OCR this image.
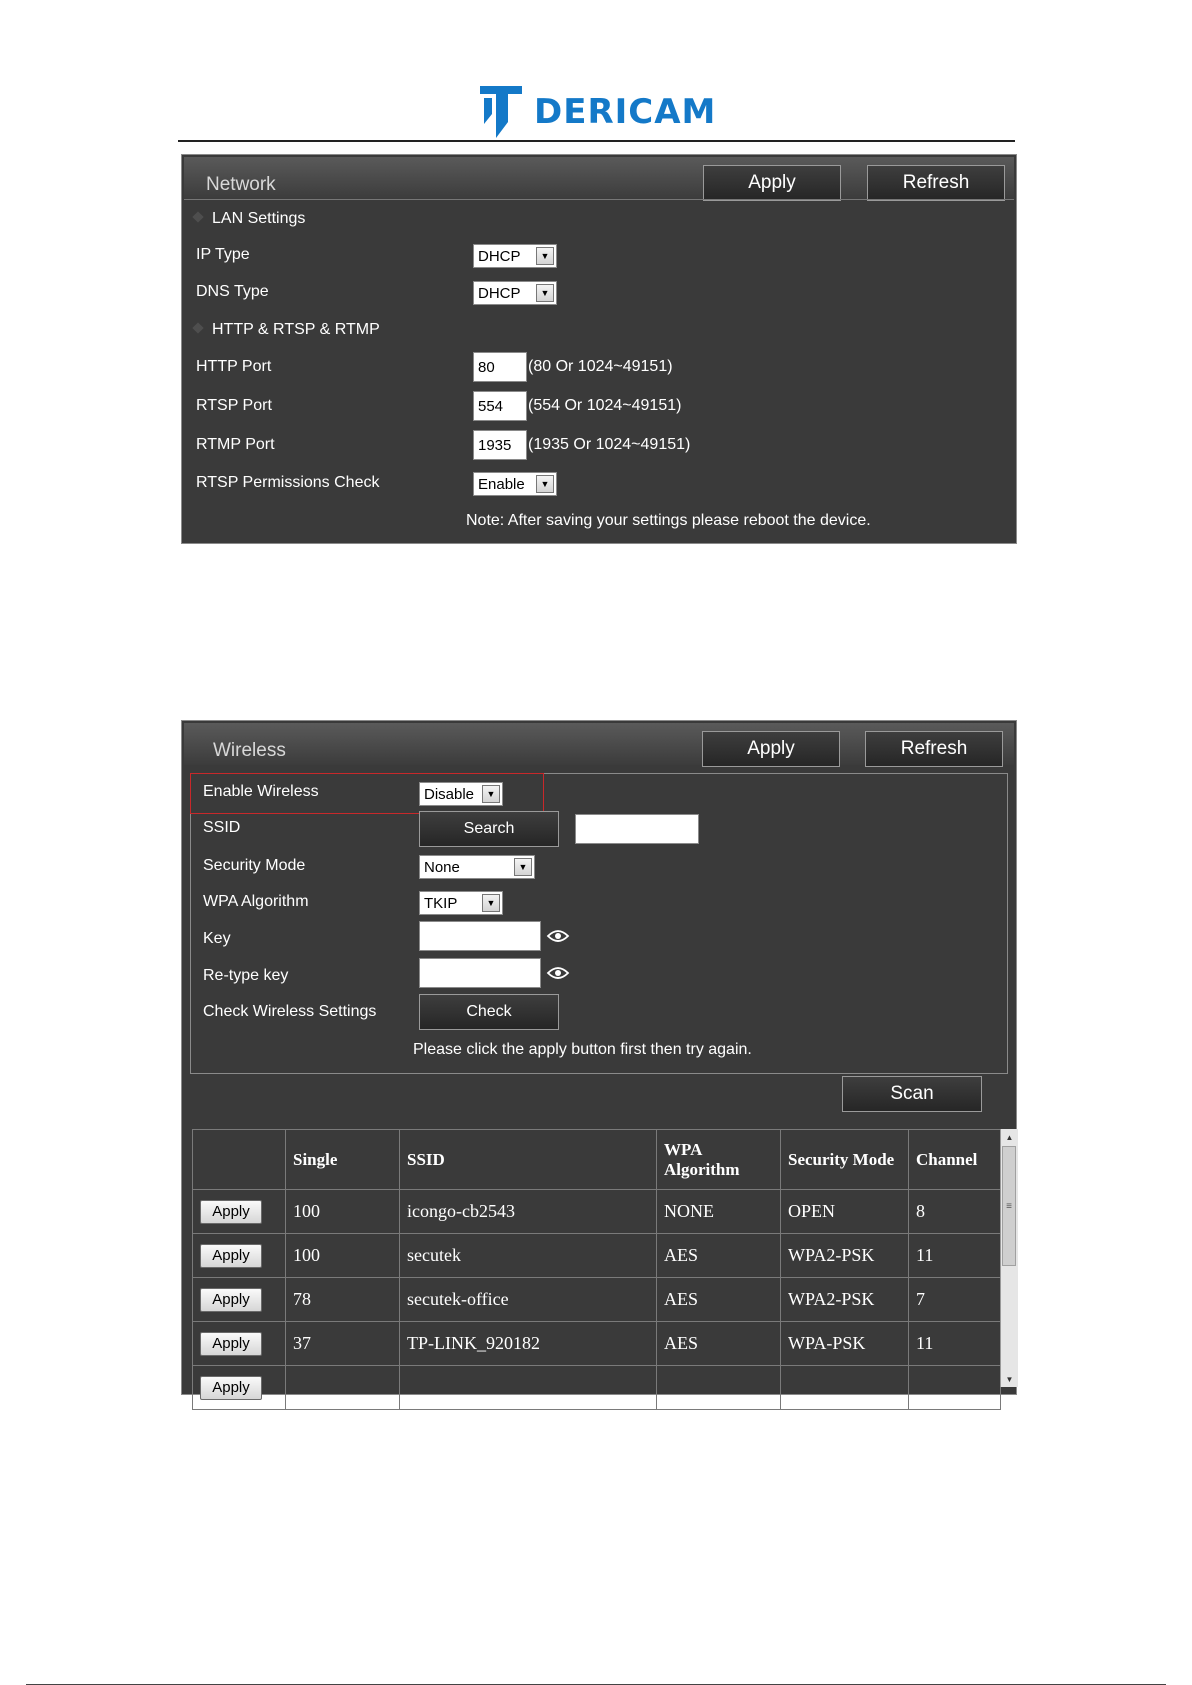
DERICAM
Network	Apply	Refresh
LAN Settings
IP Type	DHCP	▼
DNS Type	DHCP	▼
HTTP & RTSP & RTMP
HTTP Port	80	(80 Or 1024~49151)
RTSP Port	554	(554 Or 1024~49151)
RTMP Port	1935	(1935 Or 1024~49151)
RTSP Permissions Check	Enable	▼
Note: After saving your settings please reboot the device.
Wireless	Apply	Refresh
Enable Wireless	Disable	▼
SSID	Search
Security Mode	None	▼
WPA Algorithm	TKIP	▼
Key
Re-type key
Check Wireless Settings	Check
Please click the apply button first then try again.
Scan
	Single	SSID	WPA Algorithm	Security Mode	Channel
Apply	100	icongo-cb2543	NONE	OPEN	8
Apply	100	secutek	AES	WPA2-PSK	11
Apply	78	secutek-office	AES	WPA2-PSK	7
Apply	37	TP-LINK_920182	AES	WPA-PSK	11
Apply					
▲
≡
▼
